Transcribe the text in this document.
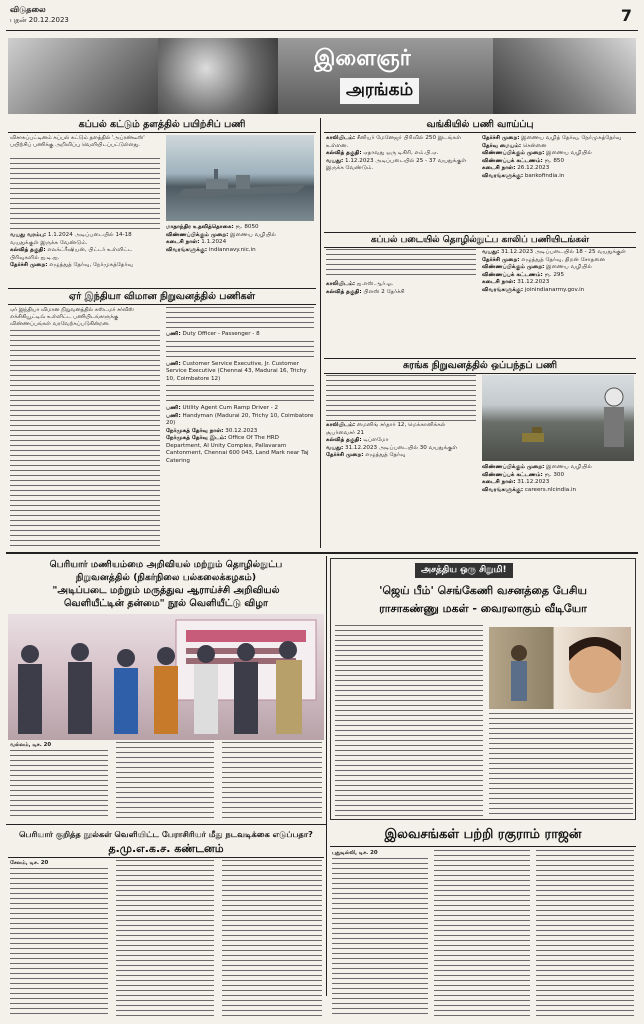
விடுதலை
புதன் 20.12.2023	7
இளைஞர்
அரங்கம்
கப்பல் கட்டும் தளத்தில் பயிற்சிப் பணி
விசாகப்பட்டினம் கப்பல் கட்டும் தளத்தில் 'அப்ரண்டீஸ்' பயிற்சிப் பணிக்கு அறிவிப்பு வெளியிடப்பட்டுள்ளது.
வயது வரம்பு: 1.1.2024 அடிப்படையில் 14-18 வயதுக்குள் இருக்க வேண்டும்.
கல்வித் தகுதி: எலக்ட்ரீஷியன், பிட்டர் உள்ளிட்ட பிரிவுகளில் ஐ.டி.ஐ.
தேர்ச்சி முறை: எழுத்துத் தேர்வு, நேர்முகத்தேர்வு
மாதாந்திர உதவித்தொகை: ரூ. 8050
விண்ணப்பிக்கும் முறை: இணைய வழியில்
கடைசி நாள்: 1.1.2024
விவரங்களுக்கு: indiannavy.nic.in
வங்கியில் பணி வாய்ப்பு
காலியிடம்: சீனியர் மேனேஜர் பிரிவில் 250 இடங்கள் உள்ளன.
கல்வித் தகுதி: ஏதாவது ஒரு டிகிரி, எம்.பி.ஏ.
வயது: 1.12.2023 அடிப்படையில் 25 - 37 வயதுக்குள் இருக்க வேண்டும்.
தேர்ச்சி முறை: இணைய வழித் தேர்வு, நேர்முகத்தேர்வு
தேர்வு மையம்: சென்னை
விண்ணப்பிக்கும் முறை: இணைய வழியில்
விண்ணப்பக் கட்டணம்: ரூ. 850
கடைசி நாள்: 26.12.2023
விவரங்களுக்கு: bankofindia.in
கப்பல் படையில் தொழில்நுட்ப காலிப் பணியிடங்கள்
காலியிடம்: ஐ.எஸ்.ஆர்.ஓ.
கல்வித் தகுதி: பிளஸ் 2 தேர்ச்சி
வயது: 31.12.2023 அடிப்படையில் 18 - 25 வயதுக்குள்
தேர்ச்சி முறை: எழுத்துத் தேர்வு, திறன் சோதனை
விண்ணப்பிக்கும் முறை: இணைய வழியில்
விண்ணப்பக் கட்டணம்: ரூ. 295
கடைசி நாள்: 31.12.2023
விவரங்களுக்கு: joinindianarmy.gov.in
ஏர் இந்தியா விமான நிறுவனத்தில் பணிகள்
ஏர் இந்தியா விமான நிறுவனத்தில் கஸ்டமர் சர்வீஸ் எக்சிகியூட்டிவ் உள்ளிட்ட பணியிடங்களுக்கு விண்ணப்பங்கள் வரவேற்கப்படுகின்றன.
பணி: Duty Officer - Passenger - 8
பணி: Customer Service Executive, Jr. Customer Service Executive (Chennai 43, Madurai 16, Trichy 10, Coimbatore 12)
பணி: Utility Agent Cum Ramp Driver - 2
பணி: Handyman (Madurai 20, Trichy 10, Coimbatore 20)
நேர்முகத் தேர்வு நாள்: 30.12.2023
நேர்முகத் தேர்வு இடம்: Office Of The HRD Department, AI Unity Complex, Pallavaram Cantonment, Chennai 600 043, Land Mark near Taj Catering
சுரங்க நிறுவனத்தில் ஒப்பந்தப் பணி
காலியிடம்: மைனிங் சர்தார் 12, மெக்கானிக்கல் சூபர்வைசர் 21
கல்வித் தகுதி: டிப்ளமோ
வயது: 31.12.2023 அடிப்படையில் 30 வயதுக்குள்
தேர்ச்சி முறை: எழுத்துத் தேர்வு
விண்ணப்பிக்கும் முறை: இணைய வழியில்
விண்ணப்பக் கட்டணம்: ரூ. 300
கடைசி நாள்: 31.12.2023
விவரங்களுக்கு: careers.nlcindia.in
பெரியார் மணியம்மை அறிவியல் மற்றும் தொழில்நுட்ப
நிறுவனத்தில் (நிகர்நிலை பல்கலைக்கழகம்)
"அடிப்படை மற்றும் மருத்துவ ஆராய்ச்சி அறிவியல்
வெளியீட்டின் தன்மை" நூல் வெளியீட்டு விழா
வல்லம், டிச. 20
அசத்திய ஒரு சிறுமி!
'ஜெய் பீம்' செங்கேணி வசனத்தை பேசிய
ராசாகண்ணு மகள் - வைரலாகும் வீடியோ
பெரியார் குறித்த நூல்கள் வெளியிட்ட பேராசிரியர் மீது நடவடிக்கை எடுப்பதா?
த.மு.எ.க.ச. கண்டனம்
சேலம், டிச. 20
இலவசங்கள் பற்றி ரகுராம் ராஜன்
புதுடில்லி, டிச. 20
